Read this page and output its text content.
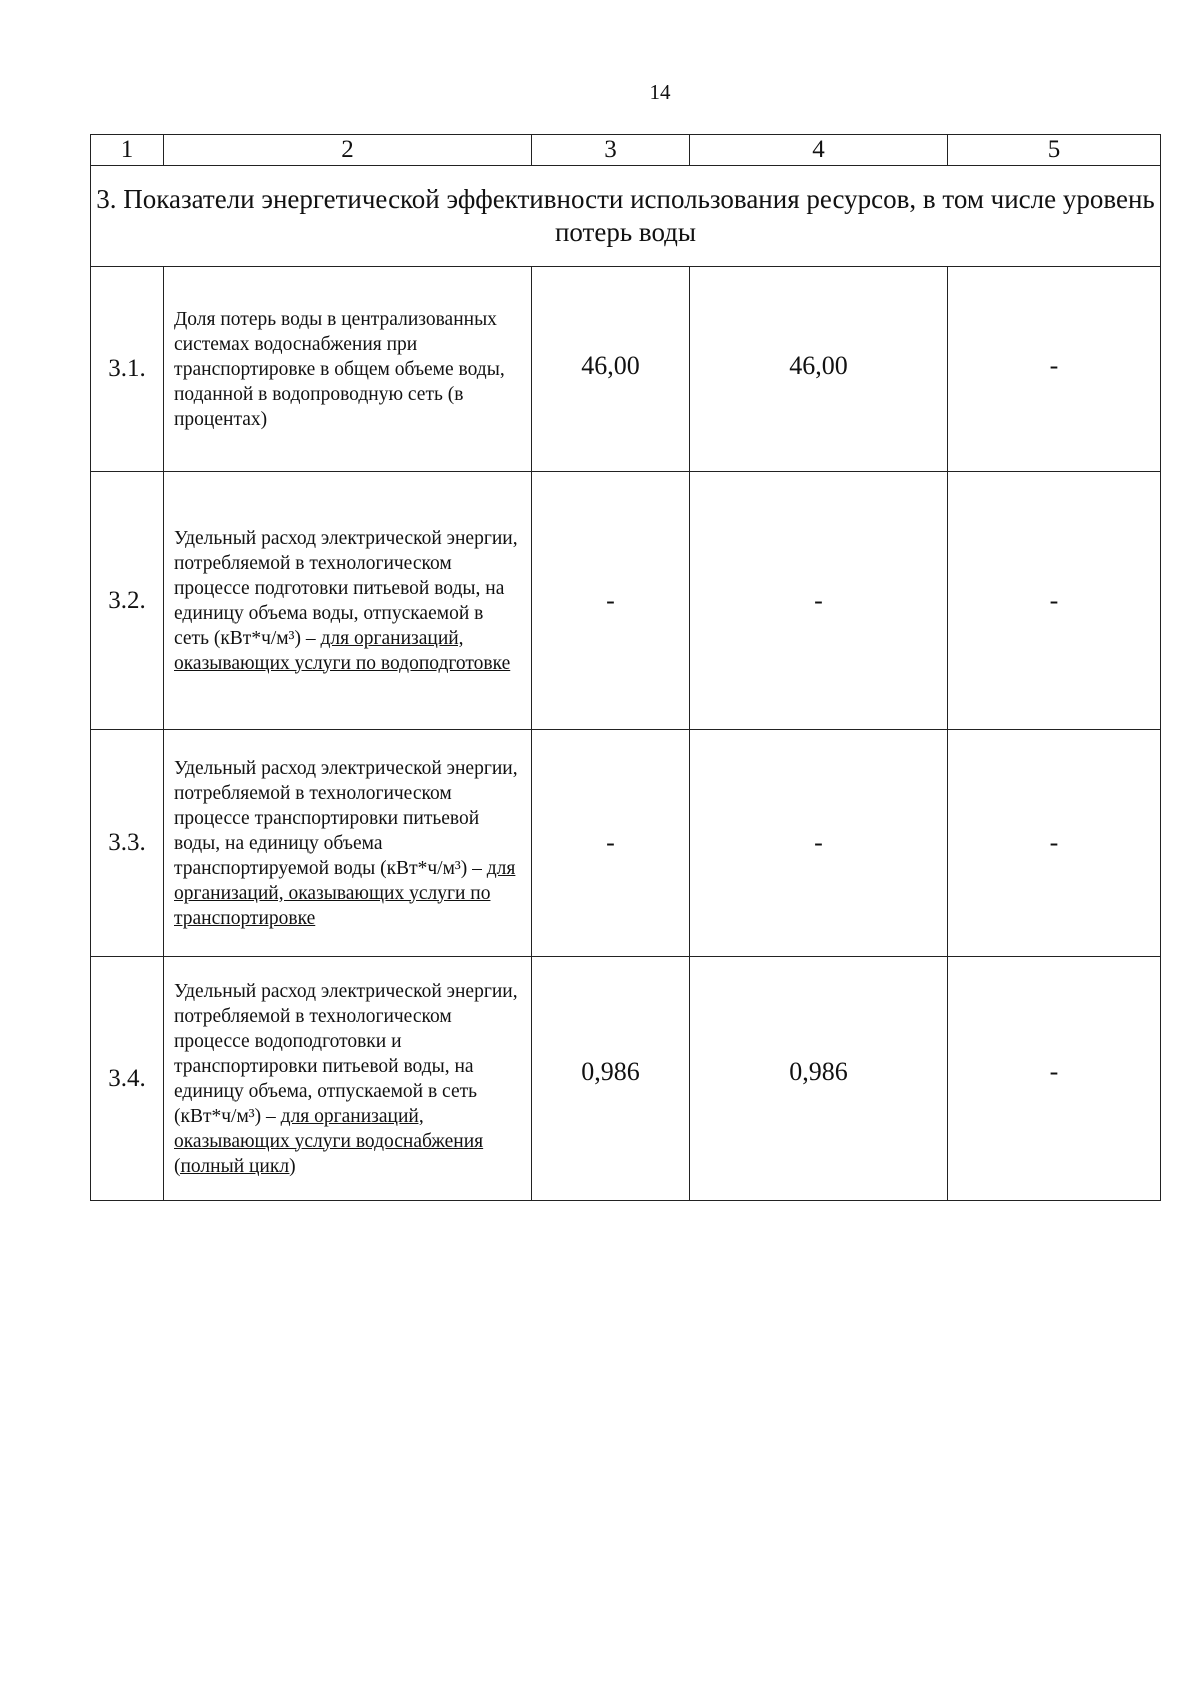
14
1	2	3	4	5
3. Показатели энергетической эффективности использования ресурсов, в том числе уровень потерь воды				
3.1.	Доля потерь воды в централизованных системах водоснабжения при транспортировке в общем объеме воды, поданной в водопроводную сеть (в процентах)	46,00	46,00	-
3.2.	Удельный расход электрической энергии, потребляемой в технологическом процессе подготовки питьевой воды, на единицу объема воды, отпускаемой в сеть (кВт*ч/м³) – для организаций, оказывающих услуги по водоподготовке	-	-	-
3.3.	Удельный расход электрической энергии, потребляемой в технологическом процессе транспортировки питьевой воды, на единицу объема транспортируемой воды (кВт*ч/м³) – для организаций, оказывающих услуги по транспортировке	-	-	-
3.4.	Удельный расход электрической энергии, потребляемой в технологическом процессе водоподготовки и транспортировки питьевой воды, на единицу объема, отпускаемой в сеть (кВт*ч/м³) – для организаций, оказывающих услуги водоснабжения (полный цикл)	0,986	0,986	-
